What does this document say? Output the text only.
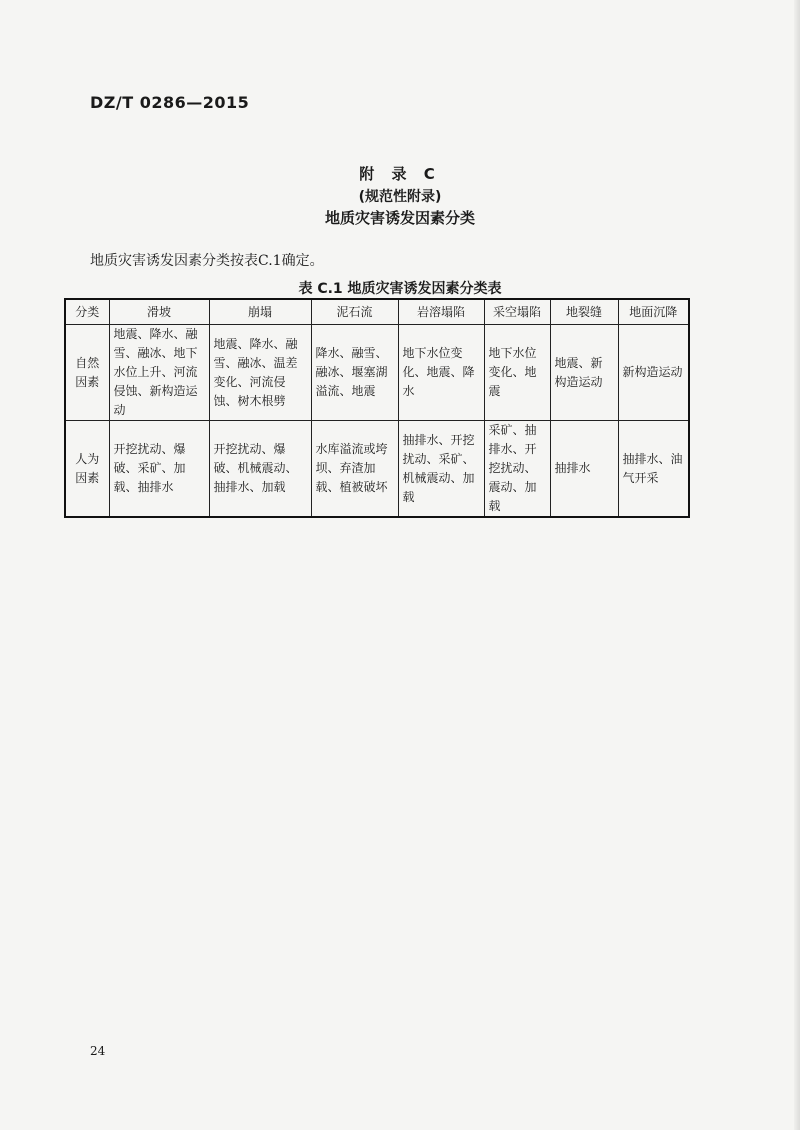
DZ/T 0286—2015
附 录 C
(规范性附录)
地质灾害诱发因素分类
地质灾害诱发因素分类按表C.1确定。
表 C.1 地质灾害诱发因素分类表
分类	滑坡	崩塌	泥石流	岩溶塌陷	采空塌陷	地裂缝	地面沉降
自然因素	地震、降水、融雪、融冰、地下水位上升、河流侵蚀、新构造运动	地震、降水、融雪、融冰、温差变化、河流侵蚀、树木根劈	降水、融雪、融冰、堰塞湖溢流、地震	地下水位变化、地震、降水	地下水位变化、地震	地震、新构造运动	新构造运动
人为因素	开挖扰动、爆破、采矿、加载、抽排水	开挖扰动、爆破、机械震动、抽排水、加载	水库溢流或垮坝、弃渣加载、植被破坏	抽排水、开挖扰动、采矿、机械震动、加载	采矿、抽排水、开挖扰动、震动、加载	抽排水	抽排水、油气开采
24
